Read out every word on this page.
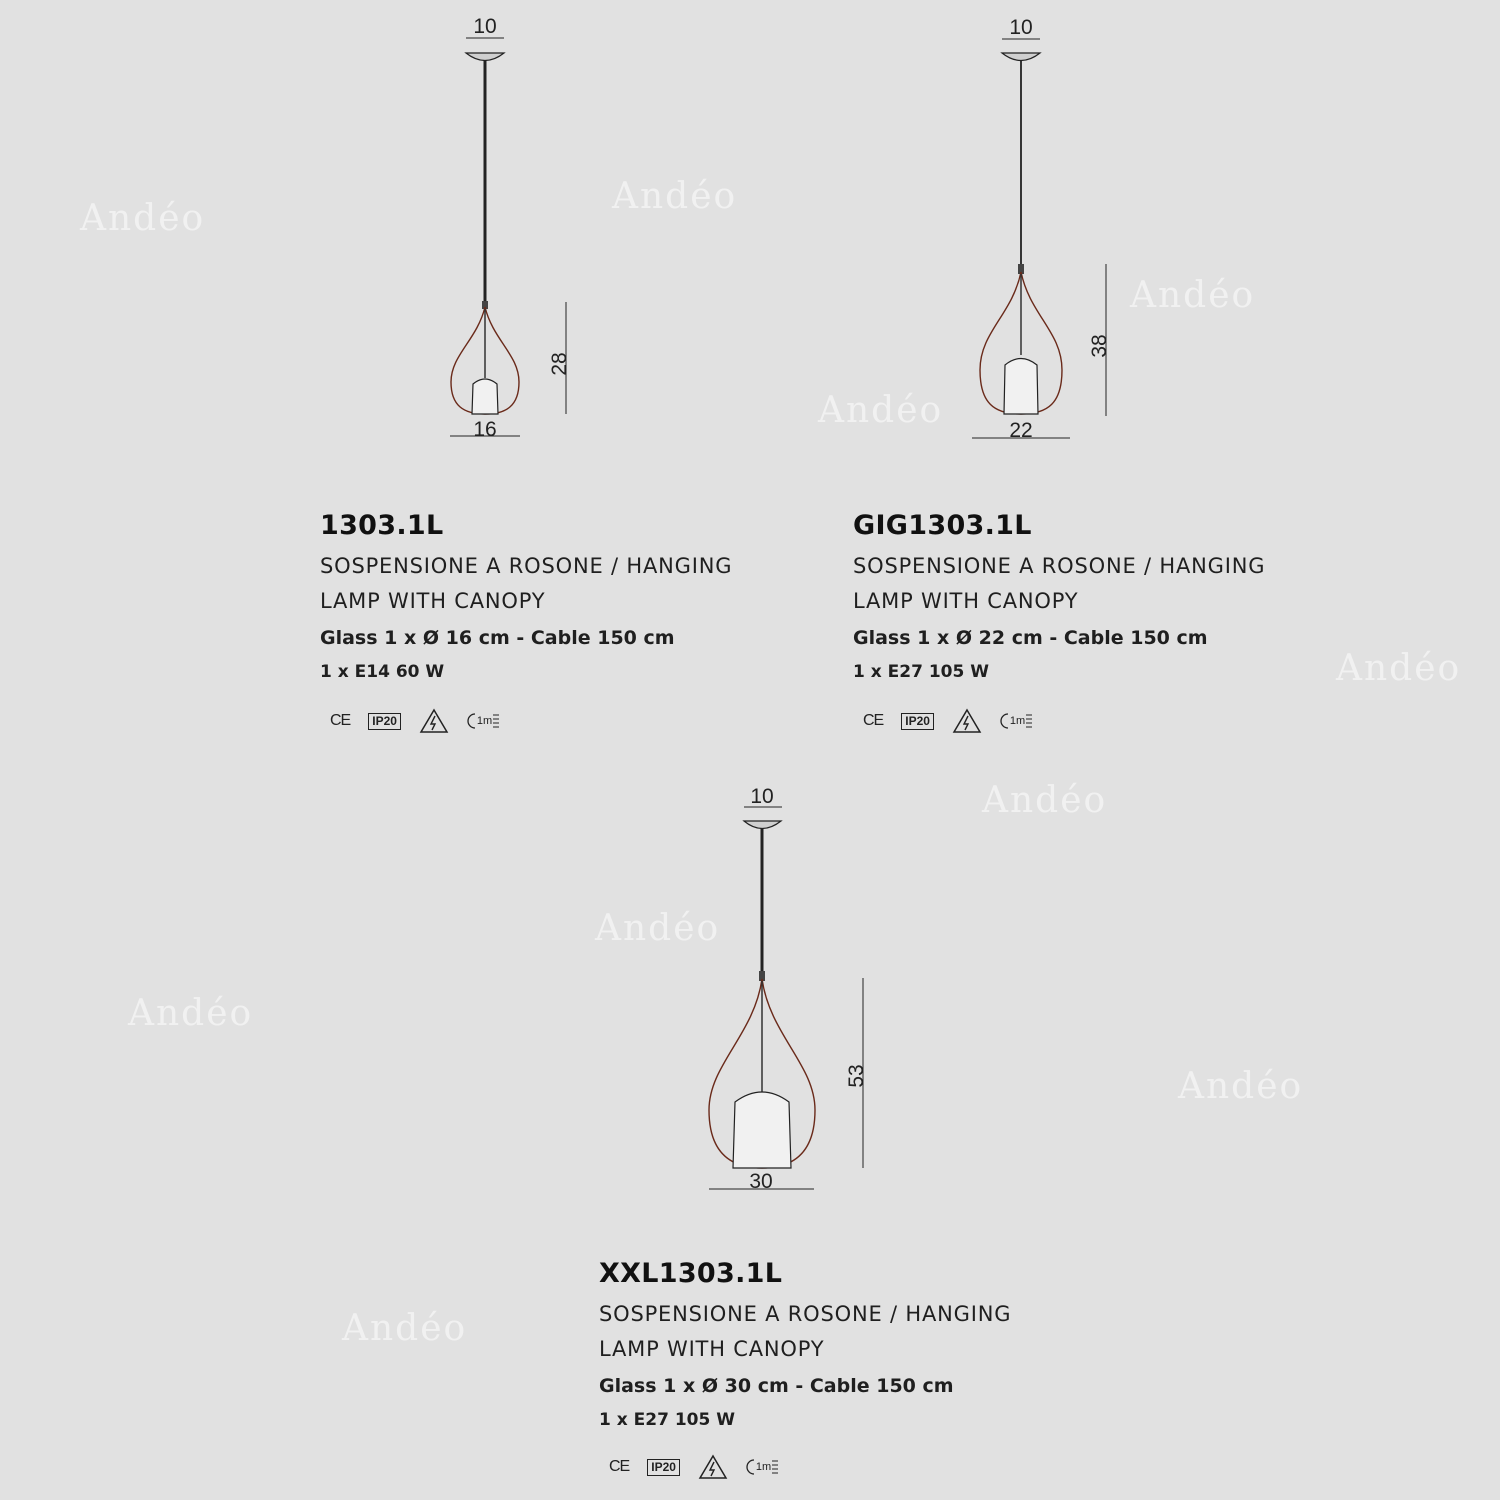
Andéo
Andéo
Andéo
Andéo
Andéo
Andéo
Andéo
Andéo
Andéo
Andéo
10
16
28
10
22
38
10
30
53
1303.1L
SOSPENSIONE A ROSONE / HANGING
LAMP WITH CANOPY
Glass 1 x Ø 16 cm - Cable 150 cm
1 x E14 60 W
CE	IP20	1m
GIG1303.1L
SOSPENSIONE A ROSONE / HANGING
LAMP WITH CANOPY
Glass 1 x Ø 22 cm - Cable 150 cm
1 x E27 105 W
CE	IP20	1m
XXL1303.1L
SOSPENSIONE A ROSONE / HANGING
LAMP WITH CANOPY
Glass 1 x Ø 30 cm - Cable 150 cm
1 x E27 105 W
CE	IP20	1m
